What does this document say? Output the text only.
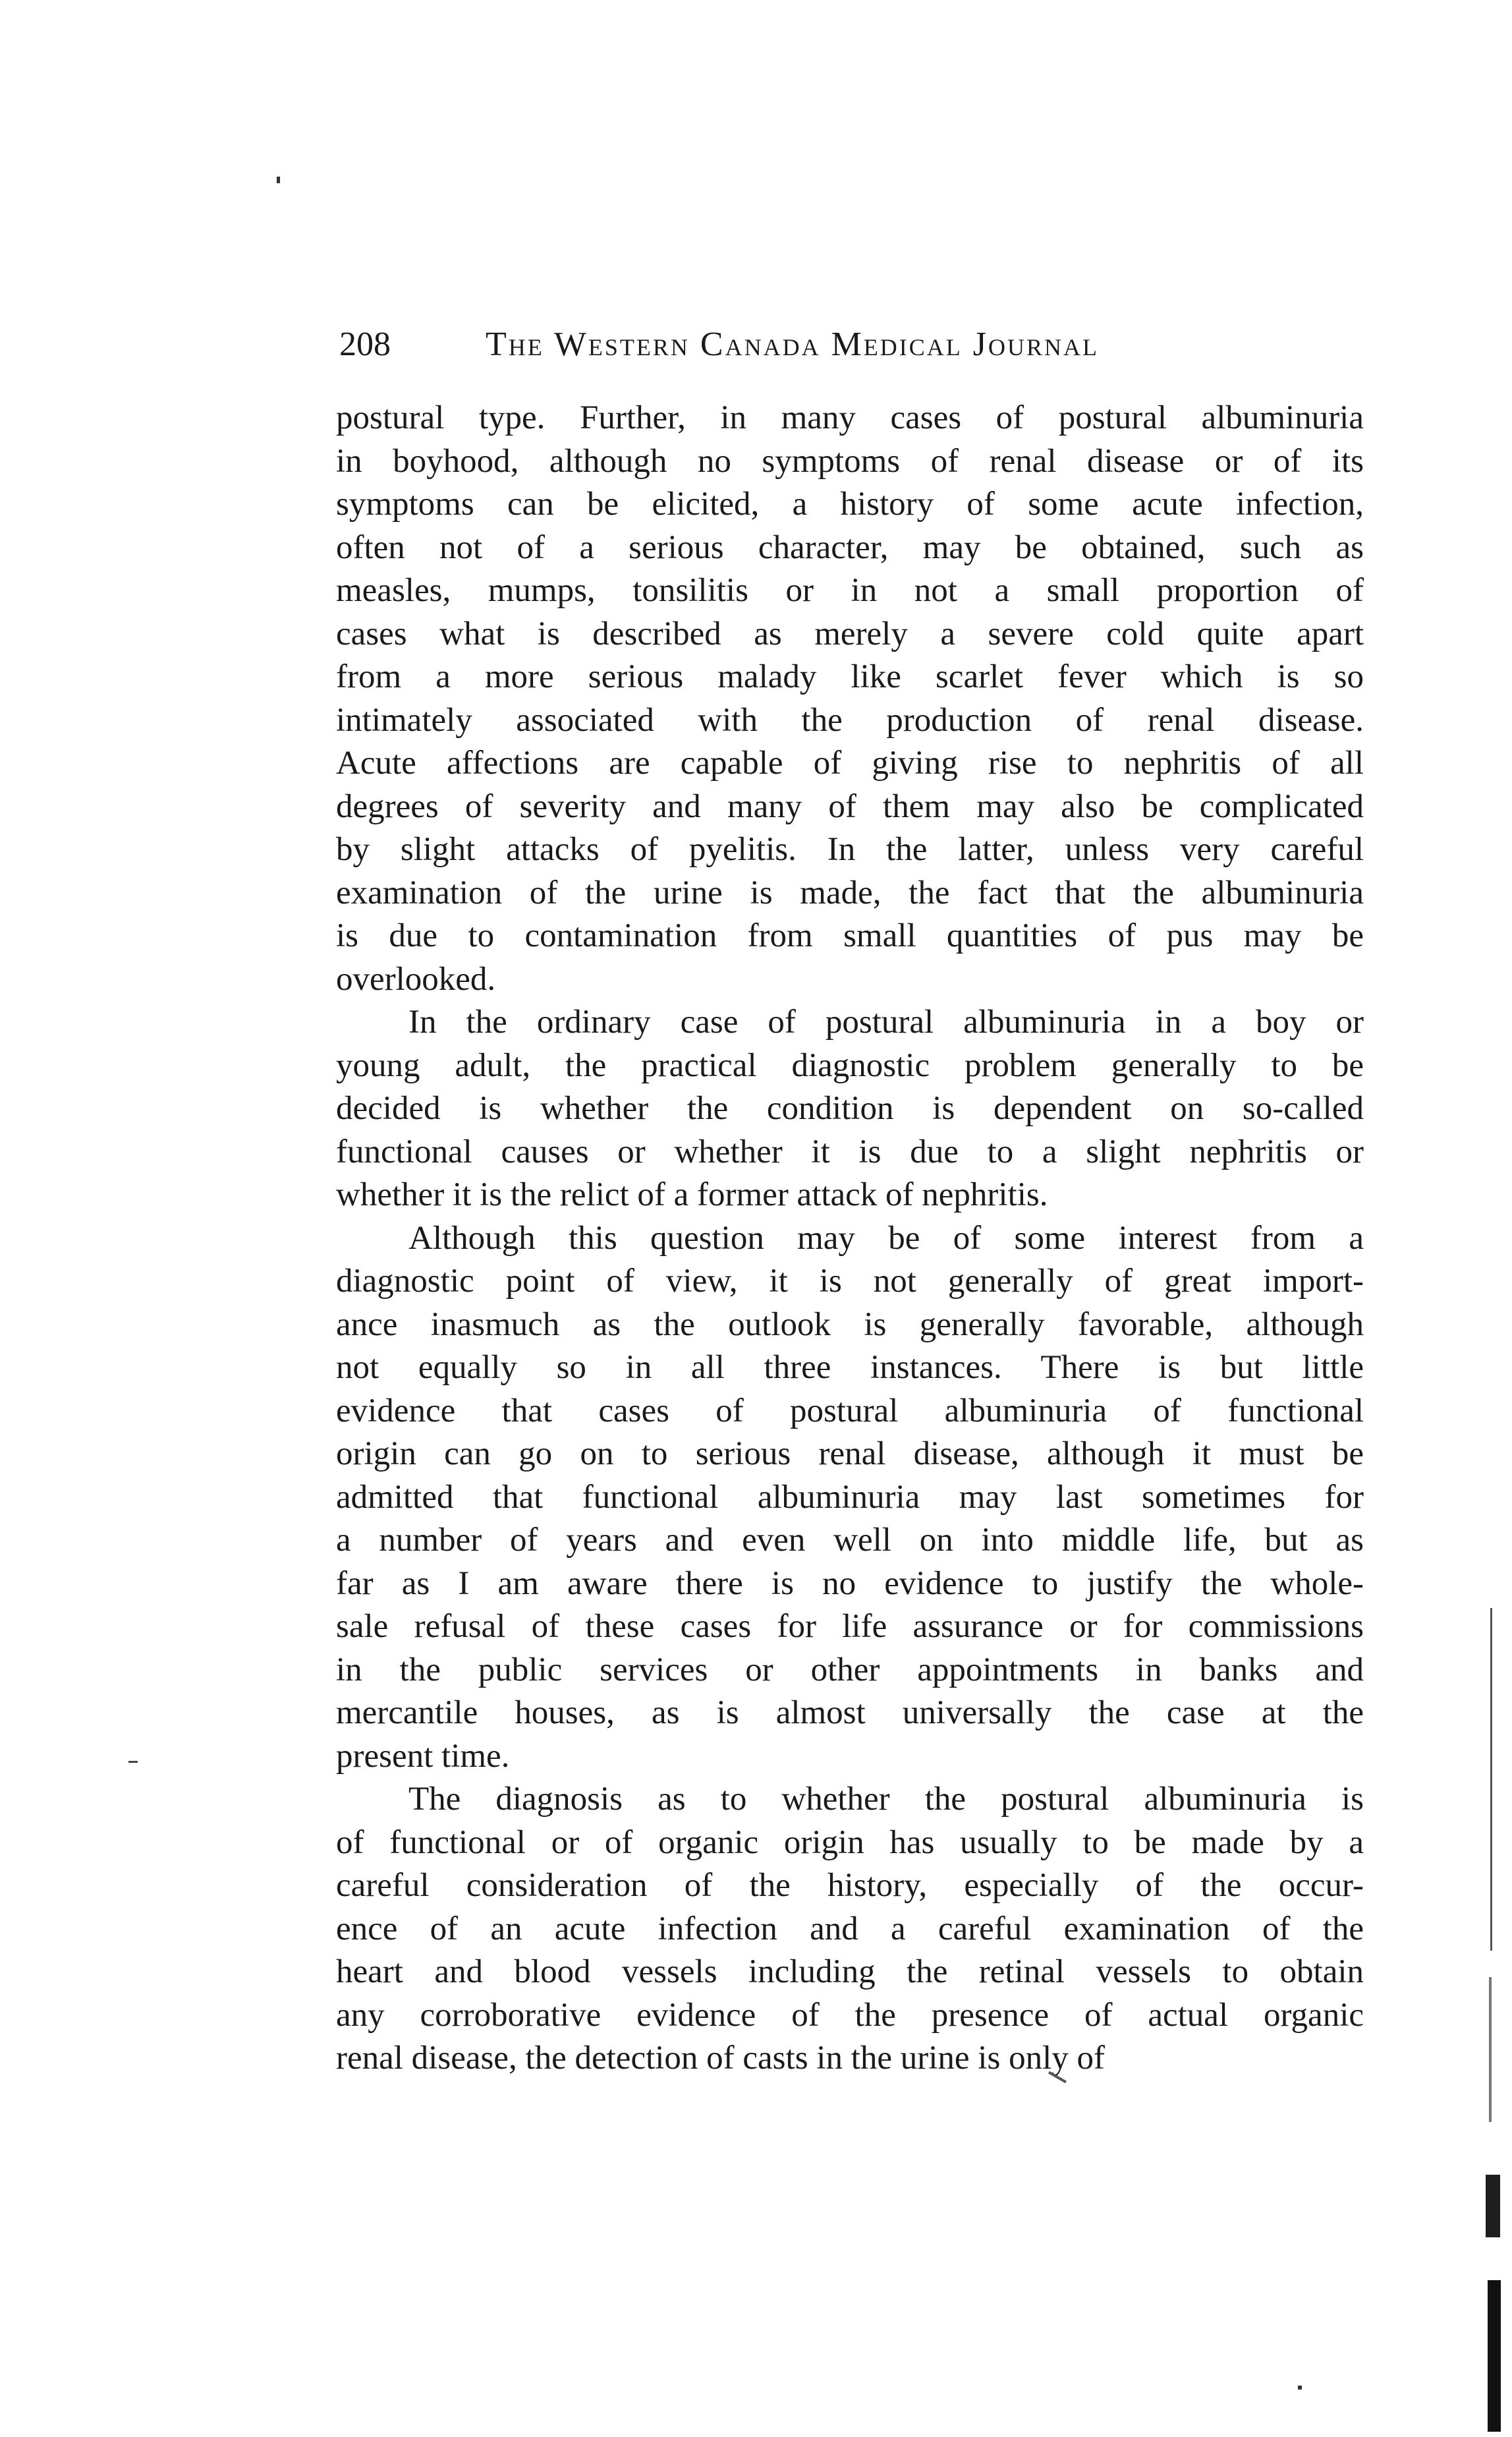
208	The Western Canada Medical Journal
postural type. Further, in many cases of postural albuminuria
in boyhood, although no symptoms of renal disease or of its
symptoms can be elicited, a history of some acute infection,
often not of a serious character, may be obtained, such as
measles, mumps, tonsilitis or in not a small proportion of
cases what is described as merely a severe cold quite apart
from a more serious malady like scarlet fever which is so
intimately associated with the production of renal disease.
Acute affections are capable of giving rise to nephritis of all
degrees of severity and many of them may also be complicated
by slight attacks of pyelitis. In the latter, unless very careful
examination of the urine is made, the fact that the albuminuria
is due to contamination from small quantities of pus may be
overlooked.
In the ordinary case of postural albuminuria in a boy or
young adult, the practical diagnostic problem generally to be
decided is whether the condition is dependent on so-called
functional causes or whether it is due to a slight nephritis or
whether it is the relict of a former attack of nephritis.
Although this question may be of some interest from a
diagnostic point of view, it is not generally of great import-
ance inasmuch as the outlook is generally favorable, although
not equally so in all three instances. There is but little
evidence that cases of postural albuminuria of functional
origin can go on to serious renal disease, although it must be
admitted that functional albuminuria may last sometimes for
a number of years and even well on into middle life, but as
far as I am aware there is no evidence to justify the whole-
sale refusal of these cases for life assurance or for commissions
in the public services or other appointments in banks and
mercantile houses, as is almost universally the case at the
present time.
The diagnosis as to whether the postural albuminuria is
of functional or of organic origin has usually to be made by a
careful consideration of the history, especially of the occur-
ence of an acute infection and a careful examination of the
heart and blood vessels including the retinal vessels to obtain
any corroborative evidence of the presence of actual organic
renal disease, the detection of casts in the urine is only of
